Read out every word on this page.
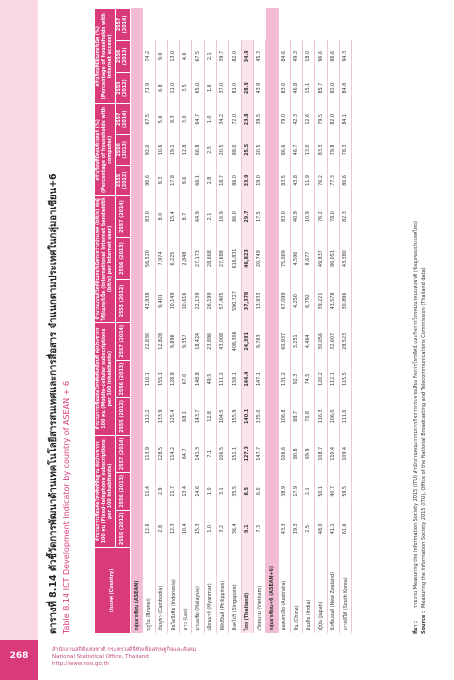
268
สำนักงานสถิติแห่งชาติ กระทรวงดิจิทัลเพื่อเศรษฐกิจและสังคม
National Statistical Office, Thailand
http://www.nso.go.th
ตารางที่ 8.14 ตัวชี้วัดการพัฒนาด้านเทคโนโลยีสารสนเทศและการสื่อสาร จำแนกตามประเทศในกลุ่มอาเซียน+6 Table 8.14 ICT Development Indicator by country of ASEAN + 6	ประเทศ (Country)	จำนวนการเชื่อมต่อโทรศัพท์พื้นฐาน ต่อประชากร 100 คน (Fixed-telephone subscriptions per 100 inhabitants)			จำนวนการเชื่อมต่อโทรศัพท์เคลื่อนที่ ต่อประชากร 100 คน (Mobile-cellular subscriptions per 100 inhabitants)			จำนวนแบนด์วิดท์อินเทอร์เน็ตระหว่างประเทศ (bit/s) ต่อผู้ใช้อินเทอร์เน็ต (International Internet bandwidth (bit/s) per Internet user)			ครัวเรือนที่มีคอมพิวเตอร์ (%) (Percentage of households with computer)			ครัวเรือนที่มีอินเทอร์เน็ต (%) (Percentage of households with Internet access)		
	2555 (2012)	2556 (2013)	2557 (2014)	2555 (2012)	2556 (2013)	2557 (2014)	2555 (2012)	2556 (2013)	2557 (2014)	2555 (2012)	2556 (2013)	2557 (2014)	2555 (2012)	2556 (2013)	2557 (2014)
กลุ่มอาเซียน (ASEAN)															
บรูไน (Brunei)	12.6	11.4	113.9	112.2	110.1	22,836	43,938	56,520	83.0	90.6	92.0	67.5	71.9	74.2	
กัมพูชา (Cambodia)	2.8	2.9	128.5	133.9	155.1	12,828	9,401	7,974	8.0	9.3	10.6	5.6	6.8	9.0	
อินโดนีเซีย (Indonesia)	12.3	11.7	114.2	125.4	128.8	9,896	10,149	6,225	15.4	17.8	19.1	9.3	11.0	13.0	
ลาว (Lao)	10.4	13.4	64.7	68.1	67.0	9,357	10,616	2,848	8.7	9.6	12.8	3.0	3.5	4.6	
มาเลเซีย (Malaysia)	15.3	14.6	141.3	143.7	148.8	18,424	22,139	27,173	64.9	66.1	66.8	64.7	65.0	67.5	
เมียนมาร์ (Myanmar)	1.0	1.0	7.1	12.8	49.5	23,896	26,199	28,668	2.1	2.8	2.5	1.0	1.6	2.1	
ฟิลิปปินส์ (Philippines)	3.2	3.1	106.5	104.5	111.2	43,008	57,405	27,688	16.9	18.7	20.5	34.2	37.0	39.7	
สิงคโปร์ (Singapore)	36.4	35.5	152.1	155.9	158.1	408,306	590,727	616,831	86.0	86.0	88.0	72.0	81.0	82.0	
ไทย (Thailand)	9.1	8.5	127.3	140.1	144.4	24,391	37,378	46,823	29.7	33.9	25.5	23.8	28.9	34.9	
เวียดนาม (Vietnam)	7.3	6.0	147.7	135.0	147.1	9,763	13,933	20,749	17.5	19.0	20.5	39.5	43.9	45.3	
กลุ่มอาเซียน+6 (ASEAN+6)															
ออสเตรเลีย (Australia)	43.3	38.9	106.6	106.8	131.2	60,937	67,099	75,069	83.0	83.5	86.6	79.0	83.0	84.6	
จีน (China)	19.3	17.9	80.8	88.7	92.3	3,251	4,250	4,596	40.9	43.8	46.7	42.3	46.8	49.3	
อินเดีย (India)	2.5	2.1	69.9	70.8	74.5	4,464	6,792	8,677	10.9	11.9	13.0	12.6	15.1	18.0	
ญี่ปุ่น (Japan)	48.0	50.1	108.7	116.3	120.2	30,056	39,221	49,837	76.2	76.2	83.3	79.5	85.7	96.6	
นิวซีแลนด์ (New Zealand)	41.1	40.7	110.4	106.0	112.1	32,607	43,578	96,051	78.0	77.3	79.8	82.0	82.0	86.6	
เกาหลีใต้ (South Korea)	61.6	59.5	109.4	111.0	115.5	28,523	30,896	43,380	82.3	80.6	78.3	84.1	84.8	94.3	
ที่มา :รายงาน Measuring the Information Society 2015 (ITU) สำนักงานคณะกรรมการกิจการกระจายเสียง กิจการโทรทัศน์ และกิจการโทรคมนาคมแห่งชาติ (ข้อมูลของประเทศไทย)
Source :Measuring the Information Society 2015 (ITU), Office of the National Broadcasting and Telecommunications Commission (Thailand data)
